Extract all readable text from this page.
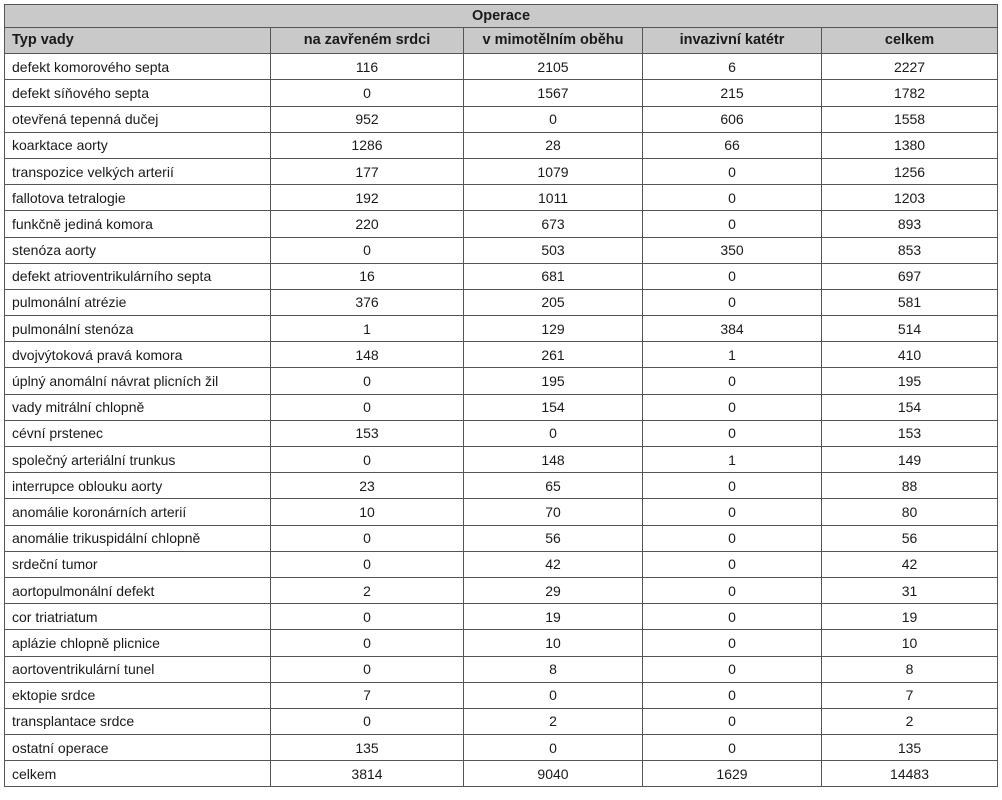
Operace				
Typ vady	na zavřeném srdci	v mimotělním oběhu	invazivní katétr	celkem
defekt komorového septa	116	2105	6	2227
defekt síňového septa	0	1567	215	1782
otevřená tepenná dučej	952	0	606	1558
koarktace aorty	1286	28	66	1380
transpozice velkých arterií	177	1079	0	1256
fallotova tetralogie	192	1011	0	1203
funkčně jediná komora	220	673	0	893
stenóza aorty	0	503	350	853
defekt atrioventrikulárního septa	16	681	0	697
pulmonální atrézie	376	205	0	581
pulmonální stenóza	1	129	384	514
dvojvýtoková pravá komora	148	261	1	410
úplný anomální návrat plicních žil	0	195	0	195
vady mitrální chlopně	0	154	0	154
cévní prstenec	153	0	0	153
společný arteriální trunkus	0	148	1	149
interrupce oblouku aorty	23	65	0	88
anomálie koronárních arterií	10	70	0	80
anomálie trikuspidální chlopně	0	56	0	56
srdeční tumor	0	42	0	42
aortopulmonální defekt	2	29	0	31
cor triatriatum	0	19	0	19
aplázie chlopně plicnice	0	10	0	10
aortoventrikulární tunel	0	8	0	8
ektopie srdce	7	0	0	7
transplantace srdce	0	2	0	2
ostatní operace	135	0	0	135
celkem	3814	9040	1629	14483
